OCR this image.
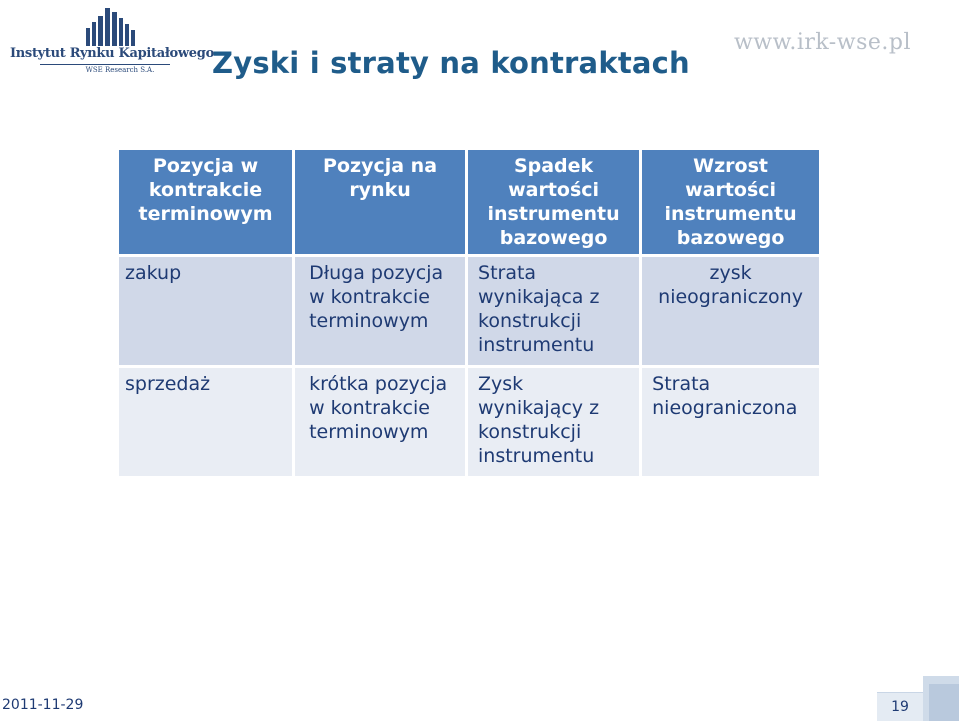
Instytut Rynku Kapitałowego
WSE Research S.A.
www.irk-wse.pl
Zyski i straty na kontraktach
Pozycja w kontrakcie terminowym	Pozycja na rynku	Spadek wartości instrumentu bazowego	Wzrost wartości instrumentu bazowego
zakup	Długa pozycja w kontrakcie terminowym	Strata wynikająca z konstrukcji instrumentu	zysk nieograniczony
sprzedaż	krótka pozycja w kontrakcie terminowym	Zysk wynikający z konstrukcji instrumentu	Strata nieograniczona
2011-11-29	19
